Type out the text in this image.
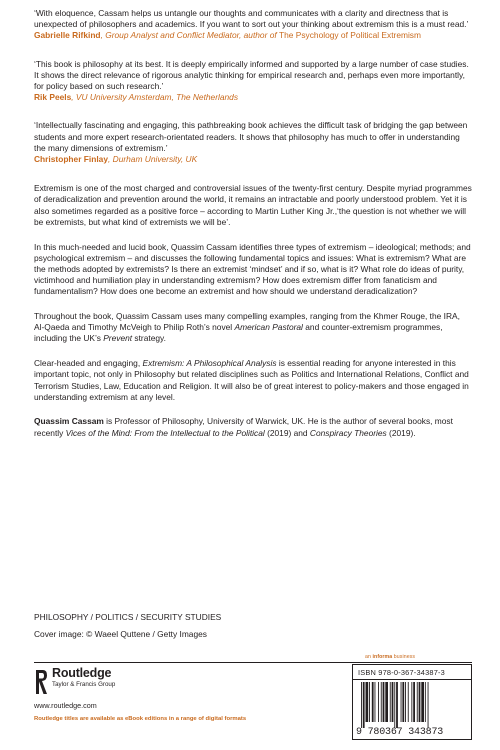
‘With eloquence, Cassam helps us untangle our thoughts and communicates with a clarity and directness that is unexpected of philosophers and academics. If you want to sort out your thinking about extremism this is a must read.’

Gabrielle Rifkind, Group Analyst and Conflict Mediator, author of The Psychology of Political Extremism

‘This book is philosophy at its best. It is deeply empirically informed and supported by a large number of case studies. It shows the direct relevance of rigorous analytic thinking for empirical research and, perhaps even more importantly, for policy based on such research.’

Rik Peels, VU University Amsterdam, The Netherlands

‘Intellectually fascinating and engaging, this pathbreaking book achieves the difficult task of bridging the gap between students and more expert research-orientated readers. It shows that philosophy has much to offer in understanding the many dimensions of extremism.’

Christopher Finlay, Durham University, UK

Extremism is one of the most charged and controversial issues of the twenty-first century. Despite myriad programmes of deradicalization and prevention around the world, it remains an intractable and poorly understood problem. Yet it is also sometimes regarded as a positive force – according to Martin Luther King Jr.,‘the question is not whether we will be extremists, but what kind of extremists we will be’.

In this much-needed and lucid book, Quassim Cassam identifies three types of extremism – ideological; methods; and psychological extremism – and discusses the following fundamental topics and issues: What is extremism? What are the methods adopted by extremists? Is there an extremist ‘mindset’ and if so, what is it? What role do ideas of purity, victimhood and humiliation play in understanding extremism? How does extremism differ from fanaticism and fundamentalism? How does one become an extremist and how should we understand deradicalization?

Throughout the book, Quassim Cassam uses many compelling examples, ranging from the Khmer Rouge, the IRA, Al-Qaeda and Timothy McVeigh to Philip Roth’s novel American Pastoral and counter-extremism programmes, including the UK’s Prevent strategy.

Clear-headed and engaging, Extremism: A Philosophical Analysis is essential reading for anyone interested in this important topic, not only in Philosophy but related disciplines such as Politics and International Relations, Conflict and Terrorism Studies, Law, Education and Religion. It will also be of great interest to policy-makers and those engaged in understanding extremism at any level.

Quassim Cassam is Professor of Philosophy, University of Warwick, UK. He is the author of several books, most recently Vices of the Mind: From the Intellectual to the Political (2019) and Conspiracy Theories (2019).

PHILOSOPHY / POLITICS / SECURITY STUDIES
Cover image: © Waeel Quttene / Getty Images
an informa business
Routledge
Taylor & Francis Group
www.routledge.com
Routledge titles are available as eBook editions in a range of digital formats
ISBN 978-0-367-34387-3
9 780367 343873
